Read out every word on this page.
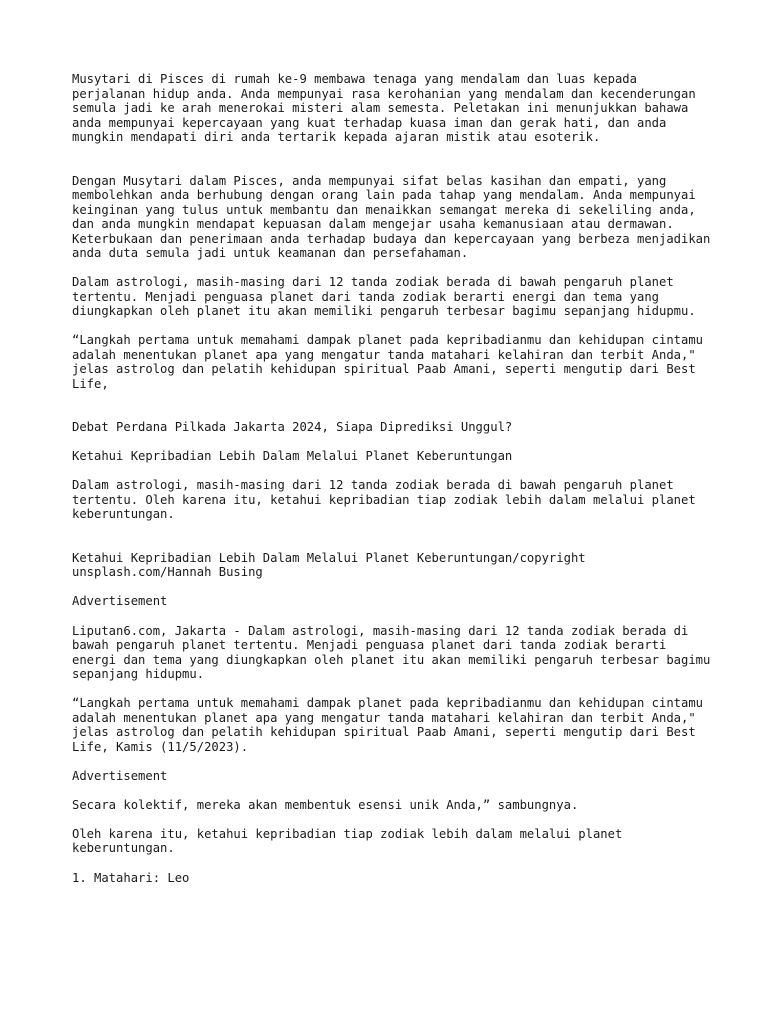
Musytari di Pisces di rumah ke-9 membawa tenaga yang mendalam dan luas kepada perjalanan hidup anda. Anda mempunyai rasa kerohanian yang mendalam dan kecenderungan semula jadi ke arah menerokai misteri alam semesta. Peletakan ini menunjukkan bahawa anda mempunyai kepercayaan yang kuat terhadap kuasa iman dan gerak hati, dan anda mungkin mendapati diri anda tertarik kepada ajaran mistik atau esoterik.

Dengan Musytari dalam Pisces, anda mempunyai sifat belas kasihan dan empati, yang membolehkan anda berhubung dengan orang lain pada tahap yang mendalam. Anda mempunyai keinginan yang tulus untuk membantu dan menaikkan semangat mereka di sekeliling anda, dan anda mungkin mendapat kepuasan dalam mengejar usaha kemanusiaan atau dermawan. Keterbukaan dan penerimaan anda terhadap budaya dan kepercayaan yang berbeza menjadikan anda duta semula jadi untuk keamanan dan persefahaman.

Dalam astrologi, masih-masing dari 12 tanda zodiak berada di bawah pengaruh planet tertentu. Menjadi penguasa planet dari tanda zodiak berarti energi dan tema yang diungkapkan oleh planet itu akan memiliki pengaruh terbesar bagimu sepanjang hidupmu.

“Langkah pertama untuk memahami dampak planet pada kepribadianmu dan kehidupan cintamu adalah menentukan planet apa yang mengatur tanda matahari kelahiran dan terbit Anda," jelas astrolog dan pelatih kehidupan spiritual Paab Amani, seperti mengutip dari Best Life,

Debat Perdana Pilkada Jakarta 2024, Siapa Diprediksi Unggul?

Ketahui Kepribadian Lebih Dalam Melalui Planet Keberuntungan

Dalam astrologi, masih-masing dari 12 tanda zodiak berada di bawah pengaruh planet tertentu. Oleh karena itu, ketahui kepribadian tiap zodiak lebih dalam melalui planet keberuntungan.

Ketahui Kepribadian Lebih Dalam Melalui Planet Keberuntungan/copyright unsplash.com/Hannah Busing

Advertisement

Liputan6.com, Jakarta - Dalam astrologi, masih-masing dari 12 tanda zodiak berada di bawah pengaruh planet tertentu. Menjadi penguasa planet dari tanda zodiak berarti energi dan tema yang diungkapkan oleh planet itu akan memiliki pengaruh terbesar bagimu sepanjang hidupmu.

“Langkah pertama untuk memahami dampak planet pada kepribadianmu dan kehidupan cintamu adalah menentukan planet apa yang mengatur tanda matahari kelahiran dan terbit Anda," jelas astrolog dan pelatih kehidupan spiritual Paab Amani, seperti mengutip dari Best Life, Kamis (11/5/2023).

Advertisement

Secara kolektif, mereka akan membentuk esensi unik Anda,” sambungnya.

Oleh karena itu, ketahui kepribadian tiap zodiak lebih dalam melalui planet keberuntungan.

1. Matahari: Leo
